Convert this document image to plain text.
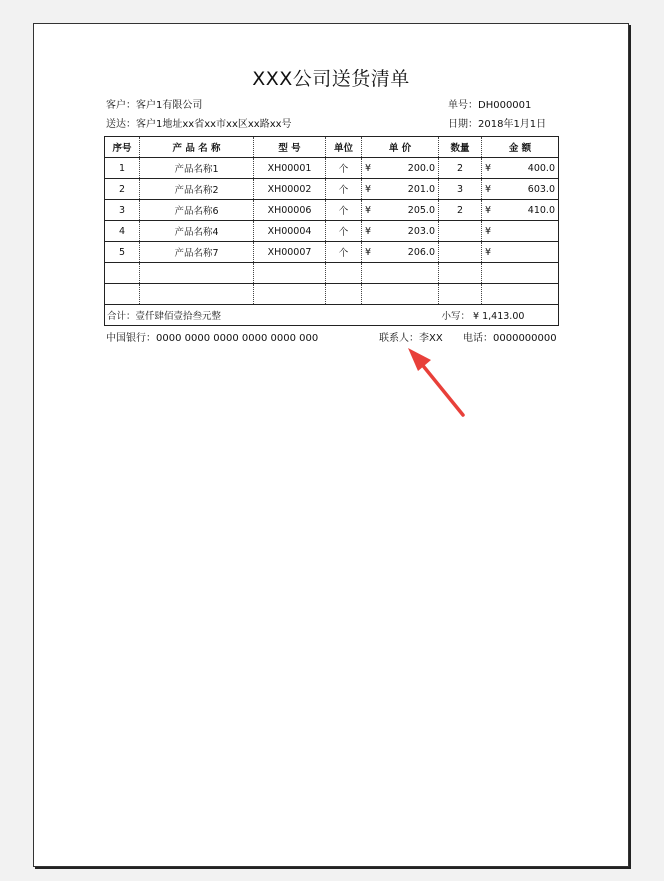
XXX公司送货清单
客户：客户1有限公司	单号：DH000001
送达：客户1地址xx省xx市xx区xx路xx号	日期：2018年1月1日
序号	产 品 名 称	型 号	单位	单 价	数量	金 额
1	产品名称1	XH00001	个	¥ 200.0	2	¥ 400.0

2	产品名称2	XH00002	个	¥ 201.0	3	¥ 603.0

3	产品名称6	XH00006	个	¥ 205.0	2	¥ 410.0

4	产品名称4	XH00004	个	¥ 203.0		¥

5	产品名称7	XH00007	个	¥ 206.0		¥

合计：壹仟肆佰壹拾叁元整					小写： ¥ 1,413.00	
中国银行：0000 0000 0000 0000 0000 000	联系人：李XX 电话：0000000000
